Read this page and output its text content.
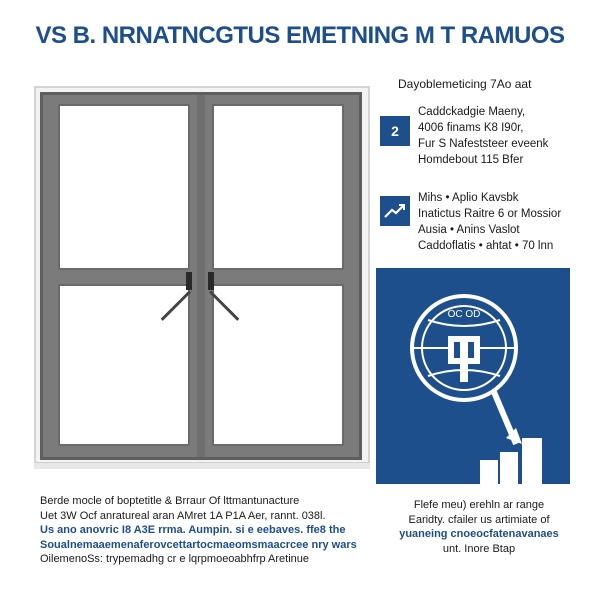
VS B. NRNATNCGTUS EMETNING M T RAMUOS
Dayoblemeticing 7Ao aat
2
Caddckadgie Maeny,
4006 finams K8 I90r,
Fur S Nafeststeer eveenk
Homdebout 115 Bfer
Mihs • Aplio Kavsbk
Inatictus Raitre 6 or Mossior
Ausia • Anins Vaslot
Caddoflatis • ahtat • 70 lnn
OC OD
Berde mocle of boptetitle & Brraur Of lttmantunacture
Uet 3W Ocf anratureal aran AMret 1A P1A Aer, rannt. 038l.
Us ano anovric I8 A3E rrma. Aumpin. si e eebaves. ffe8 the
Soualnemaaemenaferovcettartocmaeomsmaacrcee nry wars
OilemenoSs: trypemadhg cr e lqrpmoeoabhfrp Aretinue
Flefe meu) erehln ar range
Earidty. cfailer us artimiate of
yuaneing cnoeocfatenavanaes
unt. Inore Btap
